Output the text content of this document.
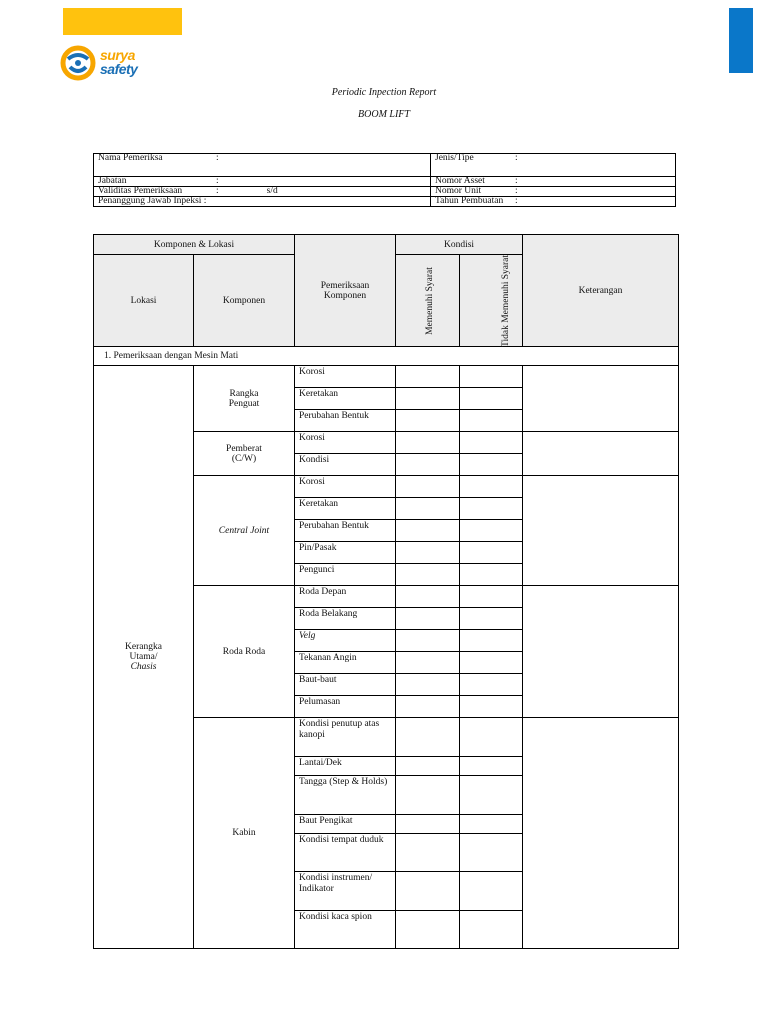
surya
safety
Periodic Inpection Report
BOOM LIFT
Nama Pemeriksa :	Jenis/Tipe :
Jabatan :	Nomor Asset :
Validitas Pemeriksaan : s/d	Nomor Unit :
Penanggung Jawab Inpeksi :	Tahun Pembuatan :
Komponen & Lokasi		Pemeriksaan Komponen	Kondisi		Keterangan
Lokasi	Komponen		Memenuhi Syarat	Tidak Memenuhi Syarat	
1. Pemeriksaan dengan Mesin Mati					

Kerangka
Utama/
Chasis	Rangka Penguat	Korosi			
		Keretakan			
		Perubahan Bentuk			
	Pemberat (C/W)	Korosi			
		Kondisi			
	Central Joint	Korosi			
		Keretakan			
		Perubahan Bentuk			
		Pin/Pasak			
		Pengunci			
	Roda Roda	Roda Depan			
		Roda Belakang			
		Velg			
		Tekanan Angin			
		Baut-baut			
		Pelumasan			
	Kabin	Kondisi penutup atas kanopi			
		Lantai/Dek			
		Tangga (Step & Holds)			
		Baut Pengikat			
		Kondisi tempat duduk			
		Kondisi instrumen/ Indikator			
		Kondisi kaca spion			
